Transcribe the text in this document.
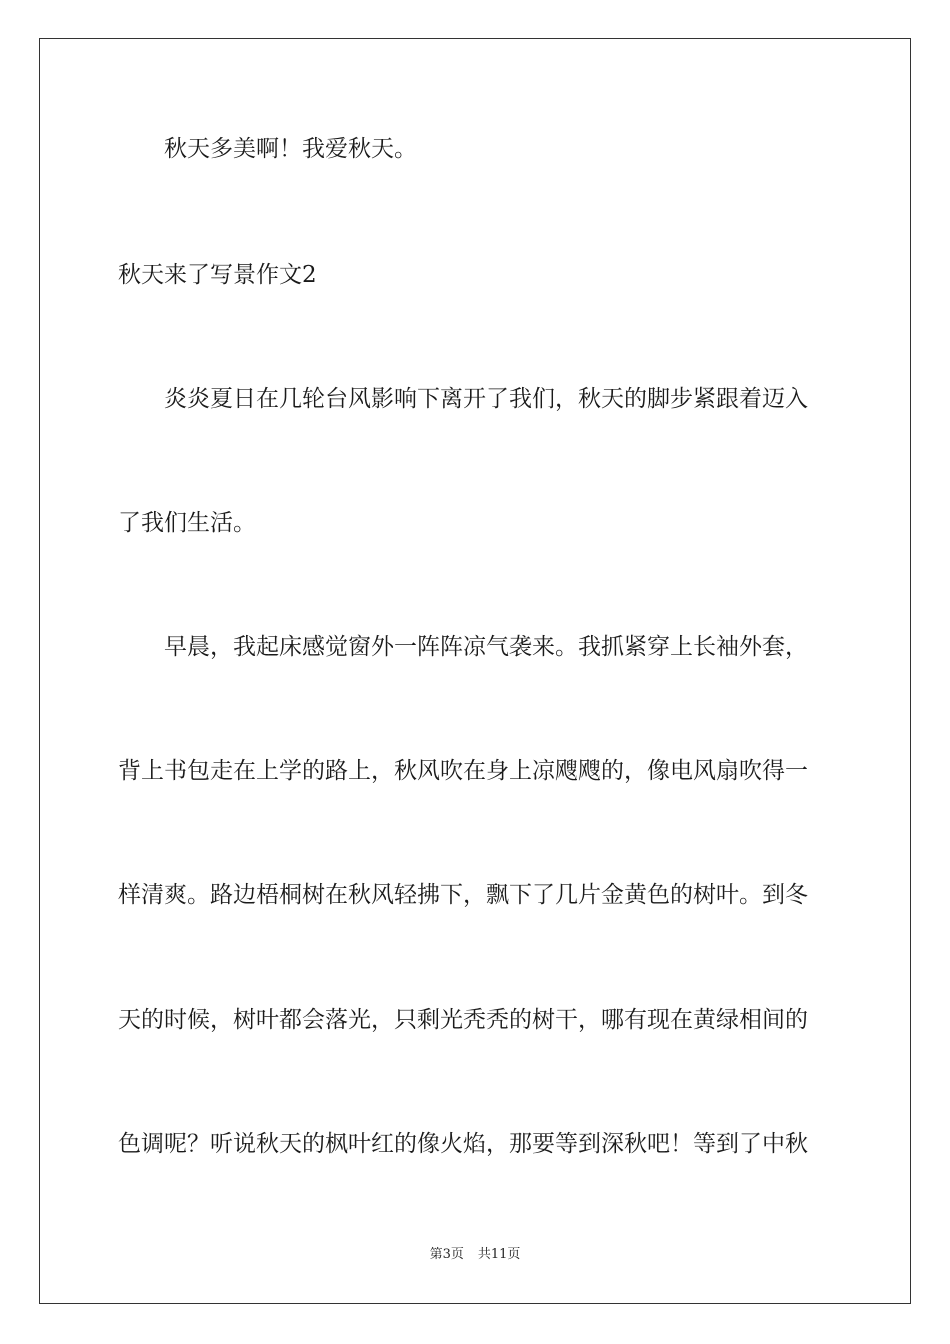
　　秋天多美啊！我爱秋天。
秋天来了写景作文2
　　炎炎夏日在几轮台风影响下离开了我们，秋天的脚步紧跟着迈入
了我们生活。
　　早晨，我起床感觉窗外一阵阵凉气袭来。我抓紧穿上长袖外套，
背上书包走在上学的路上，秋风吹在身上凉飕飕的，像电风扇吹得一
样清爽。路边梧桐树在秋风轻拂下，飘下了几片金黄色的树叶。到冬
天的时候，树叶都会落光，只剩光秃秃的树干，哪有现在黄绿相间的
色调呢？听说秋天的枫叶红的像火焰，那要等到深秋吧！等到了中秋
第3页 共11页
